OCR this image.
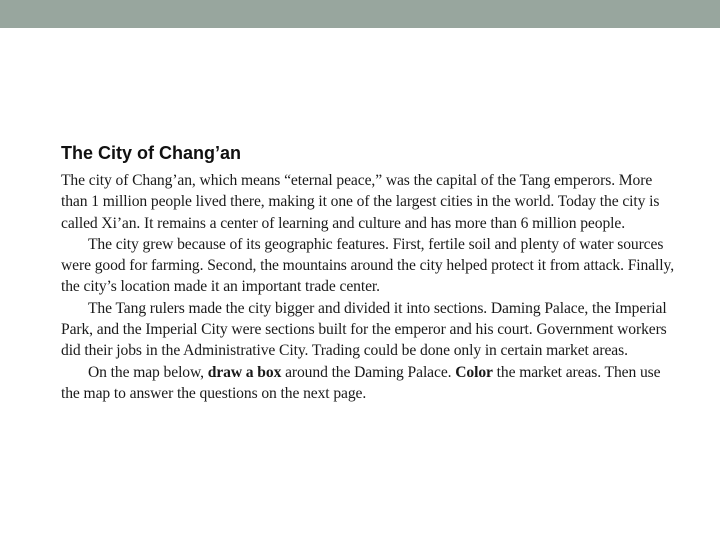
The City of Chang’an

The city of Chang’an, which means “eternal peace,” was the capital of the Tang emperors. More than 1 million people lived there, making it one of the largest cities in the world. Today the city is called Xi’an. It remains a center of learning and culture and has more than 6 million people.

The city grew because of its geographic features. First, fertile soil and plenty of water sources were good for farming. Second, the mountains around the city helped protect it from attack. Finally, the city’s location made it an important trade center.

The Tang rulers made the city bigger and divided it into sections. Daming Palace, the Imperial Park, and the Imperial City were sections built for the emperor and his court. Government workers did their jobs in the Administrative City. Trading could be done only in certain market areas.

On the map below, draw a box around the Daming Palace. Color the market areas. Then use the map to answer the questions on the next page.
